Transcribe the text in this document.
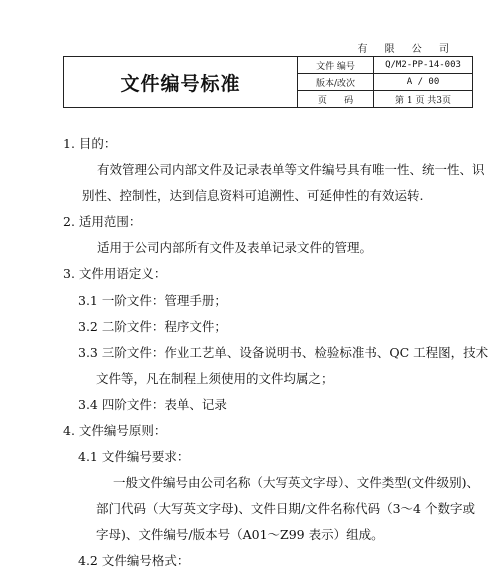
有 限 公 司
文件编号标准
文件 编号	Q/M2-PP-14-003
版本/改次	A / 00
页      码	第 1 页 共3页
1. 目的：
有效管理公司内部文件及记录表单等文件编号具有唯一性、统一性、识
别性、控制性，达到信息资料可追溯性、可延伸性的有效运转.
2. 适用范围：
适用于公司内部所有文件及表单记录文件的管理。
3. 文件用语定义：
3.1 一阶文件：管理手册；
3.2 二阶文件：程序文件；
3.3 三阶文件：作业工艺单、设备说明书、检验标准书、QC 工程图，技术
文件等，凡在制程上须使用的文件均属之；
3.4 四阶文件：表单、记录
4. 文件编号原则：
4.1 文件编号要求：
一般文件编号由公司名称（大写英文字母）、文件类型(文件级别)、
部门代码（大写英文字母)、文件日期/文件名称代码（3～4 个数字或
字母)、文件编号/版本号（A01～Z99 表示）组成。
4.2 文件编号格式：
